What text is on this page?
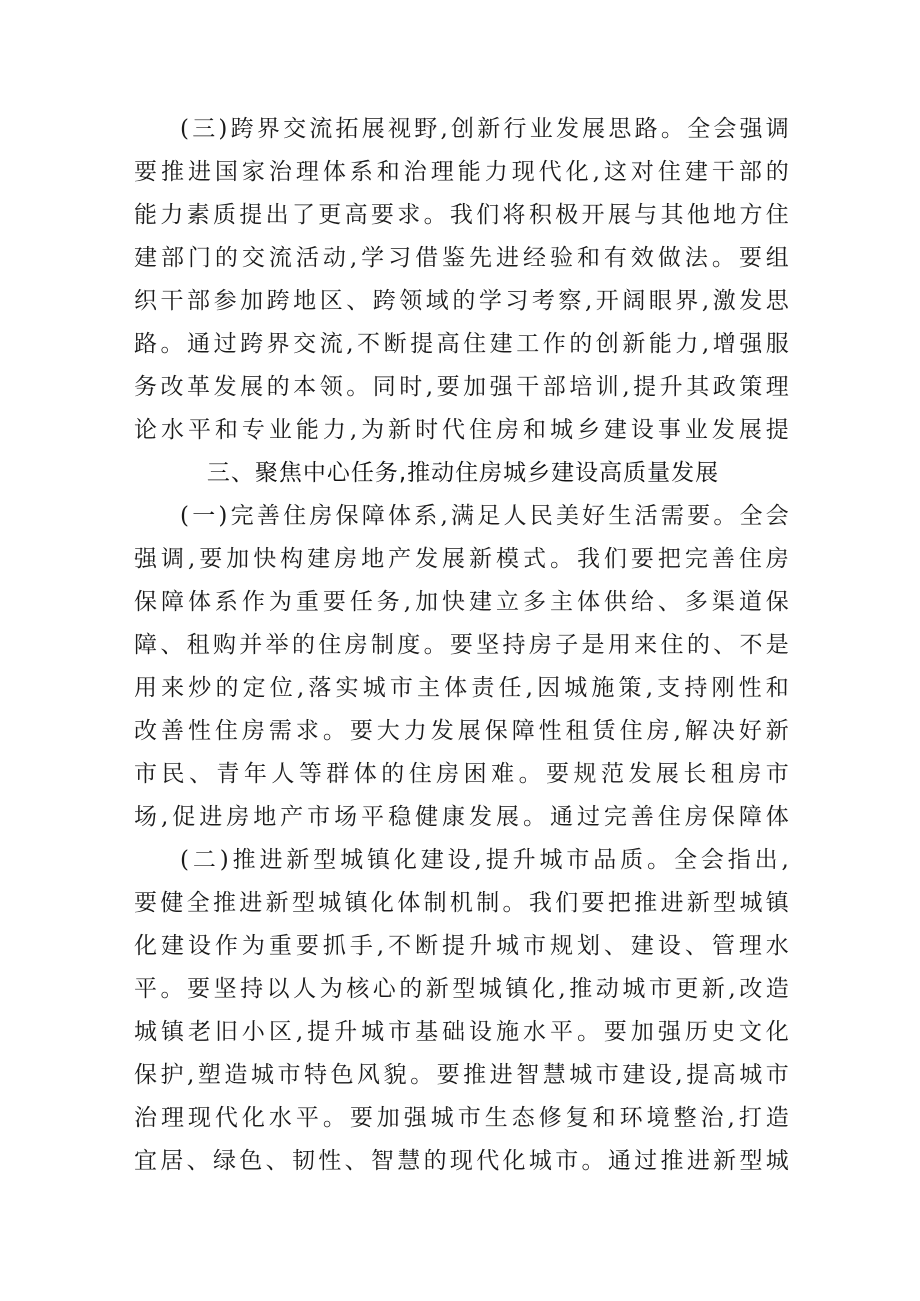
(三)跨界交流拓展视野,创新行业发展思路。全会强调要推进国家治理体系和治理能力现代化,这对住建干部的能力素质提出了更高要求。我们将积极开展与其他地方住建部门的交流活动,学习借鉴先进经验和有效做法。要组织干部参加跨地区、跨领域的学习考察,开阔眼界,激发思路。通过跨界交流,不断提高住建工作的创新能力,增强服务改革发展的本领。同时,要加强干部培训,提升其政策理论水平和专业能力,为新时代住房和城乡建设事业发展提

三、聚焦中心任务,推动住房城乡建设高质量发展

(一)完善住房保障体系,满足人民美好生活需要。全会强调,要加快构建房地产发展新模式。我们要把完善住房保障体系作为重要任务,加快建立多主体供给、多渠道保障、租购并举的住房制度。要坚持房子是用来住的、不是用来炒的定位,落实城市主体责任,因城施策,支持刚性和改善性住房需求。要大力发展保障性租赁住房,解决好新市民、青年人等群体的住房困难。要规范发展长租房市场,促进房地产市场平稳健康发展。通过完善住房保障体

(二)推进新型城镇化建设,提升城市品质。全会指出,要健全推进新型城镇化体制机制。我们要把推进新型城镇化建设作为重要抓手,不断提升城市规划、建设、管理水平。要坚持以人为核心的新型城镇化,推动城市更新,改造城镇老旧小区,提升城市基础设施水平。要加强历史文化保护,塑造城市特色风貌。要推进智慧城市建设,提高城市治理现代化水平。要加强城市生态修复和环境整治,打造宜居、绿色、韧性、智慧的现代化城市。通过推进新型城
